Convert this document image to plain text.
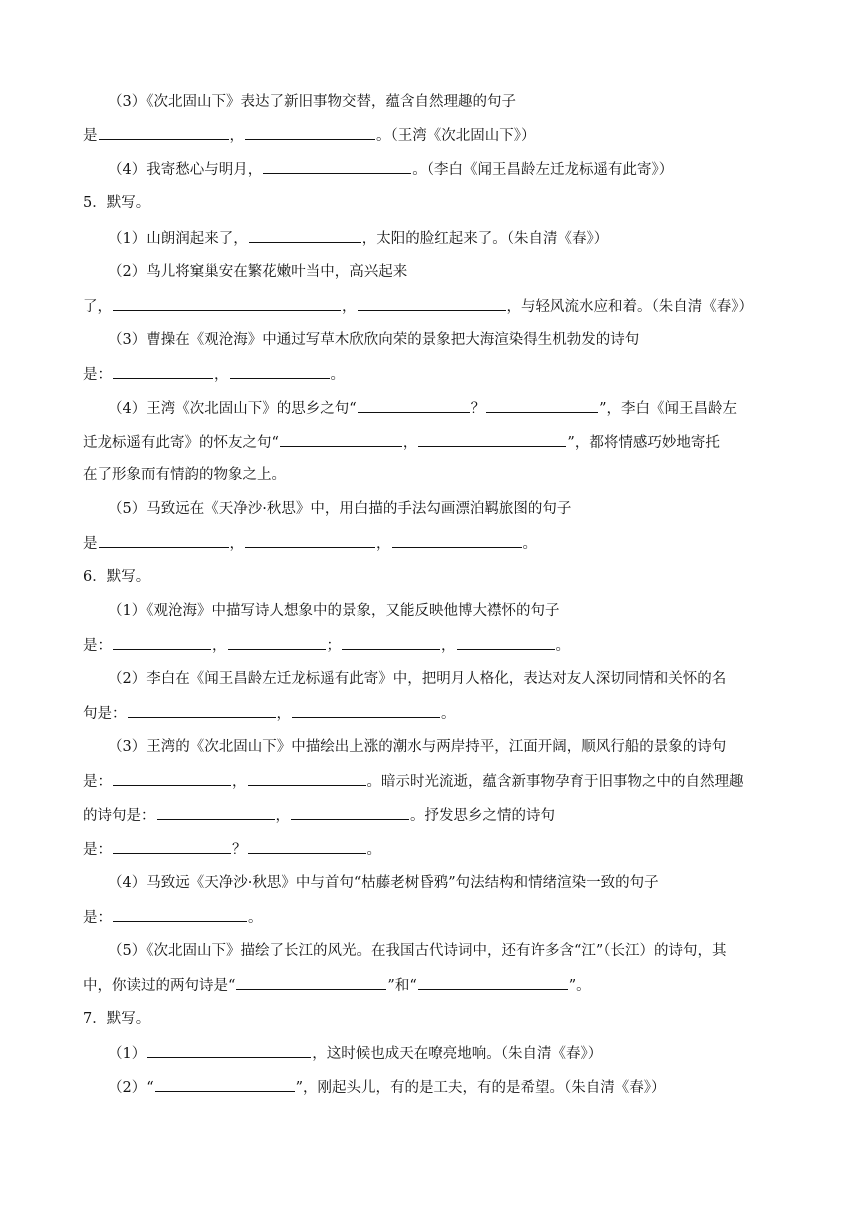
（3）《次北固山下》表达了新旧事物交替，蕴含自然理趣的句子
是	，	。（王湾《次北固山下》）
（4）我寄愁心与明月，	。（李白《闻王昌龄左迁龙标遥有此寄》）
5．默写。
（1）山朗润起来了，	，太阳的脸红起来了。（朱自清《春》）
（2）鸟儿将窠巢安在繁花嫩叶当中，高兴起来
了，	，	，与轻风流水应和着。（朱自清《春》）
（3）曹操在《观沧海》中通过写草木欣欣向荣的景象把大海渲染得生机勃发的诗句
是：	，	。
（4）王湾《次北固山下》的思乡之句“	？	”，李白《闻王昌龄左
迁龙标遥有此寄》的怀友之句“	，	”，都将情感巧妙地寄托
在了形象而有情韵的物象之上。
（5）马致远在《天净沙·秋思》中，用白描的手法勾画漂泊羁旅图的句子
是	，	，	。
6．默写。
（1）《观沧海》中描写诗人想象中的景象，又能反映他博大襟怀的句子
是：	，	；	，	。
（2）李白在《闻王昌龄左迁龙标遥有此寄》中，把明月人格化，表达对友人深切同情和关怀的名
句是：	，	。
（3）王湾的《次北固山下》中描绘出上涨的潮水与两岸持平，江面开阔，顺风行船的景象的诗句
是：	，	。暗示时光流逝，蕴含新事物孕育于旧事物之中的自然理趣
的诗句是：	，	。抒发思乡之情的诗句
是：	？	。
（4）马致远《天净沙·秋思》中与首句“枯藤老树昏鸦”句法结构和情绪渲染一致的句子
是：	。
（5）《次北固山下》描绘了长江的风光。在我国古代诗词中，还有许多含“江”（长江）的诗句，其
中，你读过的两句诗是“	”和“	”。
7．默写。
（1）	，这时候也成天在嘹亮地响。（朱自清《春》）
（2）“	”，刚起头儿，有的是工夫，有的是希望。（朱自清《春》）
